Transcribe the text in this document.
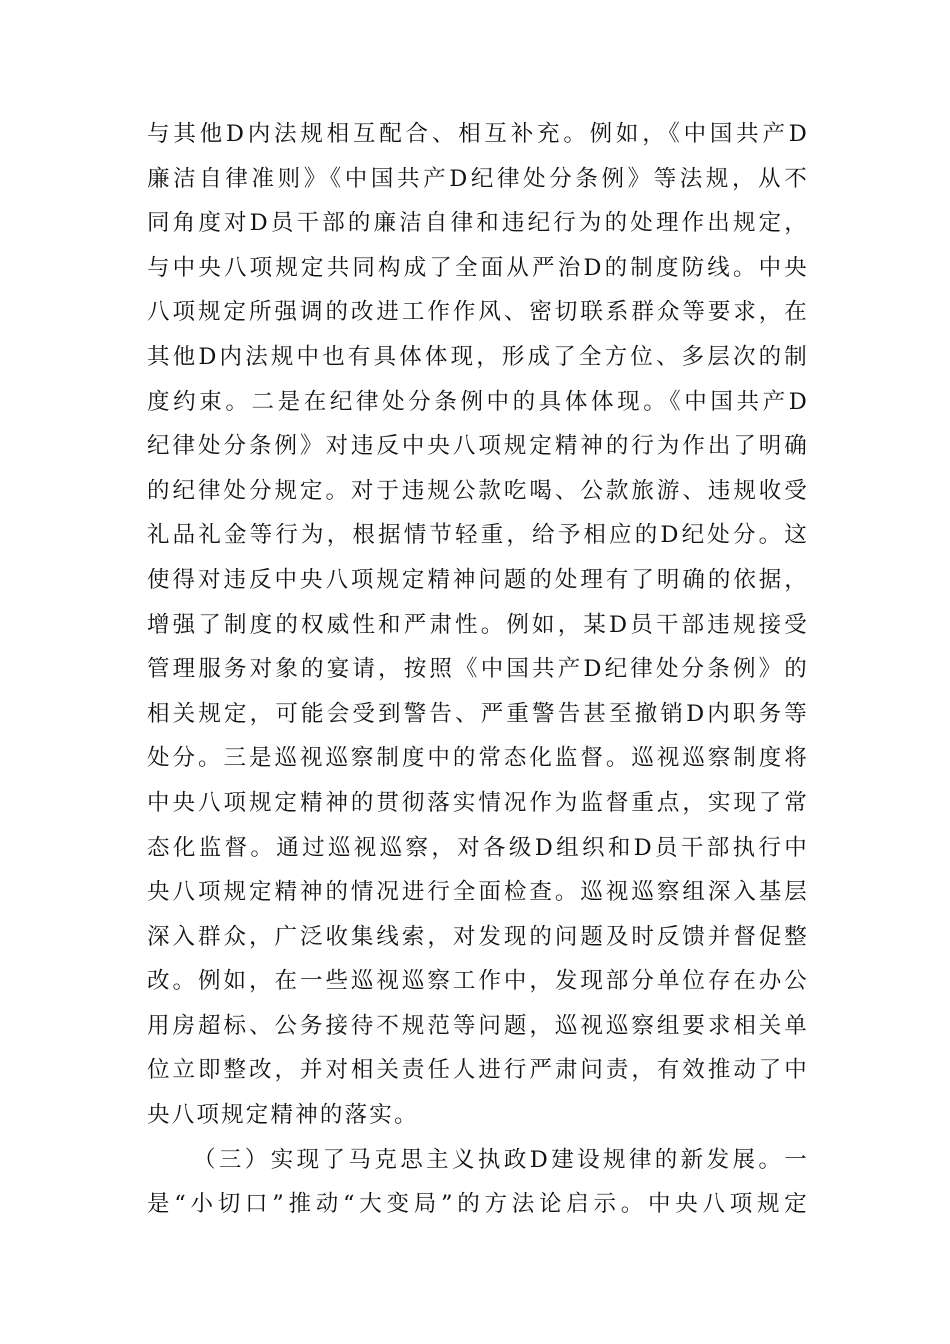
与其他D内法规相互配合、相互补充。例如，《中国共产D
廉洁自律准则》《中国共产D纪律处分条例》等法规，从不
同角度对D员干部的廉洁自律和违纪行为的处理作出规定，
与中央八项规定共同构成了全面从严治D的制度防线。中央
八项规定所强调的改进工作作风、密切联系群众等要求，在
其他D内法规中也有具体体现，形成了全方位、多层次的制
度约束。二是在纪律处分条例中的具体体现。《中国共产D
纪律处分条例》对违反中央八项规定精神的行为作出了明确
的纪律处分规定。对于违规公款吃喝、公款旅游、违规收受
礼品礼金等行为，根据情节轻重，给予相应的D纪处分。这
使得对违反中央八项规定精神问题的处理有了明确的依据，
增强了制度的权威性和严肃性。例如，某D员干部违规接受
管理服务对象的宴请，按照《中国共产D纪律处分条例》的
相关规定，可能会受到警告、严重警告甚至撤销D内职务等
处分。三是巡视巡察制度中的常态化监督。巡视巡察制度将
中央八项规定精神的贯彻落实情况作为监督重点，实现了常
态化监督。通过巡视巡察，对各级D组织和D员干部执行中
央八项规定精神的情况进行全面检查。巡视巡察组深入基层
深入群众，广泛收集线索，对发现的问题及时反馈并督促整
改。例如，在一些巡视巡察工作中，发现部分单位存在办公
用房超标、公务接待不规范等问题，巡视巡察组要求相关单
位立即整改，并对相关责任人进行严肃问责，有效推动了中
央八项规定精神的落实。
（三）实现了马克思主义执政D建设规律的新发展。一
是“小切口”推动“大变局”的方法论启示。中央八项规定
